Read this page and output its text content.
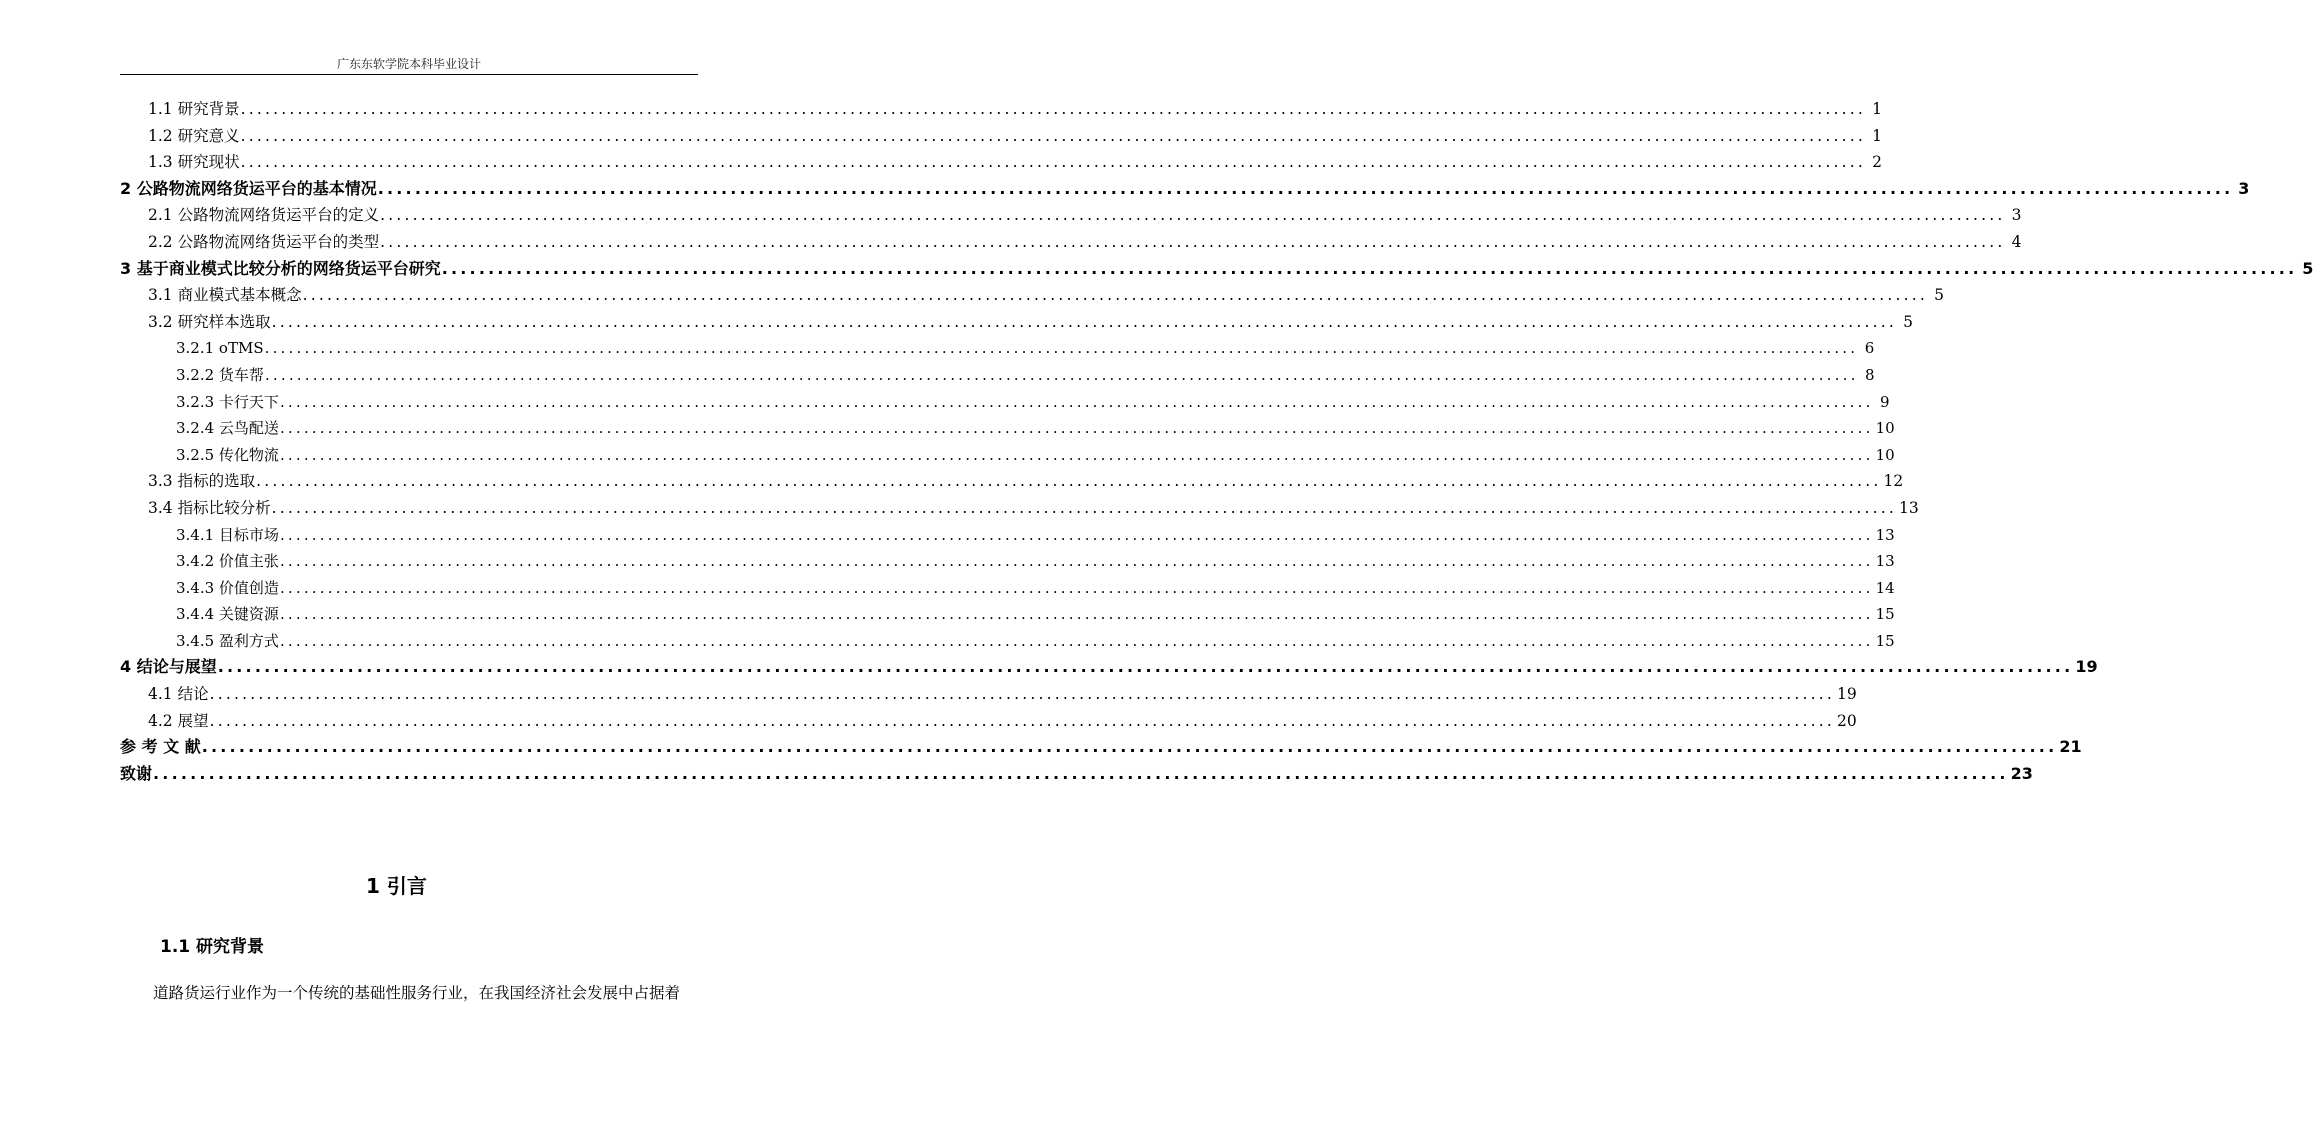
广东东软学院本科毕业设计
1.1 研究背景 ........................................................................................................................................................................................................ 1
1.2 研究意义 ........................................................................................................................................................................................................ 1
1.3 研究现状 ........................................................................................................................................................................................................ 2
2 公路物流网络货运平台的基本情况 ........................................................................................................................................................................................................ 3
2.1 公路物流网络货运平台的定义 ........................................................................................................................................................................................................ 3
2.2 公路物流网络货运平台的类型 ........................................................................................................................................................................................................ 4
3 基于商业模式比较分析的网络货运平台研究 ........................................................................................................................................................................................................ 5
3.1 商业模式基本概念 ........................................................................................................................................................................................................ 5
3.2 研究样本选取 ........................................................................................................................................................................................................ 5
3.2.1 oTMS ........................................................................................................................................................................................................ 6
3.2.2 货车帮 ........................................................................................................................................................................................................ 8
3.2.3 卡行天下 ........................................................................................................................................................................................................ 9
3.2.4 云鸟配送 ........................................................................................................................................................................................................ 10
3.2.5 传化物流 ........................................................................................................................................................................................................ 10
3.3 指标的选取 ........................................................................................................................................................................................................ 12
3.4 指标比较分析 ........................................................................................................................................................................................................ 13
3.4.1 目标市场 ........................................................................................................................................................................................................ 13
3.4.2 价值主张 ........................................................................................................................................................................................................ 13
3.4.3 价值创造 ........................................................................................................................................................................................................ 14
3.4.4 关键资源 ........................................................................................................................................................................................................ 15
3.4.5 盈利方式 ........................................................................................................................................................................................................ 15
4 结论与展望 ........................................................................................................................................................................................................ 19
4.1 结论 ........................................................................................................................................................................................................ 19
4.2 展望 ........................................................................................................................................................................................................ 20
参 考 文 献 ........................................................................................................................................................................................................ 21
致谢 ........................................................................................................................................................................................................ 23
1 引言
1.1 研究背景

道路货运行业作为一个传统的基础性服务行业，在我国经济社会发展中占据着
